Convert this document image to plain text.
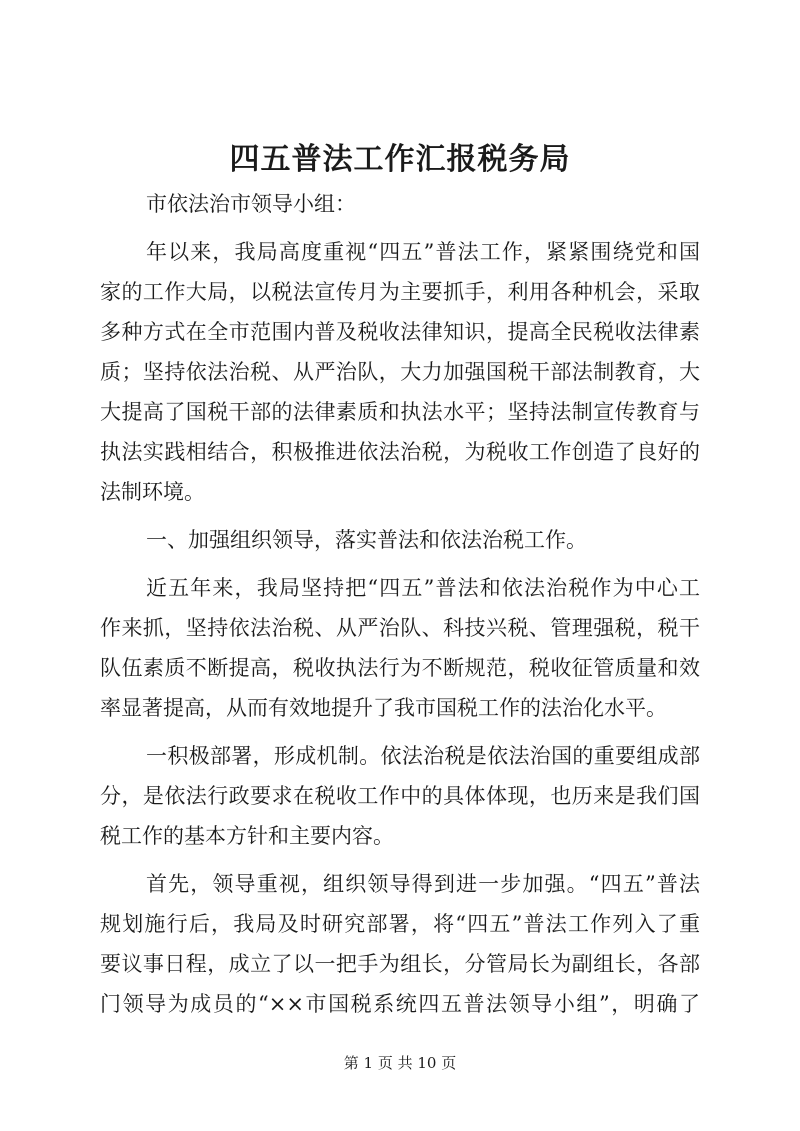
四五普法工作汇报税务局
市依法治市领导小组：
年以来，我局高度重视“四五”普法工作，紧紧围绕党和国
家的工作大局，以税法宣传月为主要抓手，利用各种机会，采取
多种方式在全市范围内普及税收法律知识，提高全民税收法律素
质；坚持依法治税、从严治队，大力加强国税干部法制教育，大
大提高了国税干部的法律素质和执法水平；坚持法制宣传教育与
执法实践相结合，积极推进依法治税，为税收工作创造了良好的
法制环境。
一、加强组织领导，落实普法和依法治税工作。
近五年来，我局坚持把“四五”普法和依法治税作为中心工
作来抓，坚持依法治税、从严治队、科技兴税、管理强税，税干
队伍素质不断提高，税收执法行为不断规范，税收征管质量和效
率显著提高，从而有效地提升了我市国税工作的法治化水平。
一积极部署，形成机制。依法治税是依法治国的重要组成部
分，是依法行政要求在税收工作中的具体体现，也历来是我们国
税工作的基本方针和主要内容。
首先，领导重视，组织领导得到进一步加强。“四五”普法
规划施行后，我局及时研究部署，将“四五”普法工作列入了重
要议事日程，成立了以一把手为组长，分管局长为副组长，各部
门领导为成员的“××市国税系统四五普法领导小组”，明确了
第 1 页 共 10 页
